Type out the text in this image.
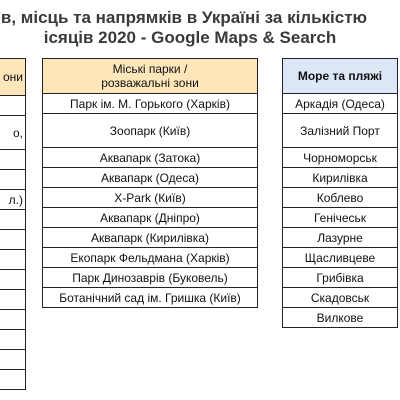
в, місць та напрямків в Україні за кількістю
ісяців 2020 - Google Maps & Search
они

о,

л.)

Міські парки /
розважальні зони
Парк ім. М. Горького (Харків)
Зоопарк (Київ)
Аквапарк (Затока)
Аквапарк (Одеса)
X-Park (Київ)
Аквапарк (Дніпро)
Аквапарк (Кирилівка)
Екопарк Фельдмана (Харків)
Парк Динозаврів (Буковель)
Ботанічний сад ім. Гришка (Київ)
Море та пляжі
Аркадія (Одеса)
Залізний Порт
Чорноморськ
Кирилівка
Коблево
Генічеськ
Лазурне
Щасливцеве
Грибівка
Скадовськ
Вилкове
